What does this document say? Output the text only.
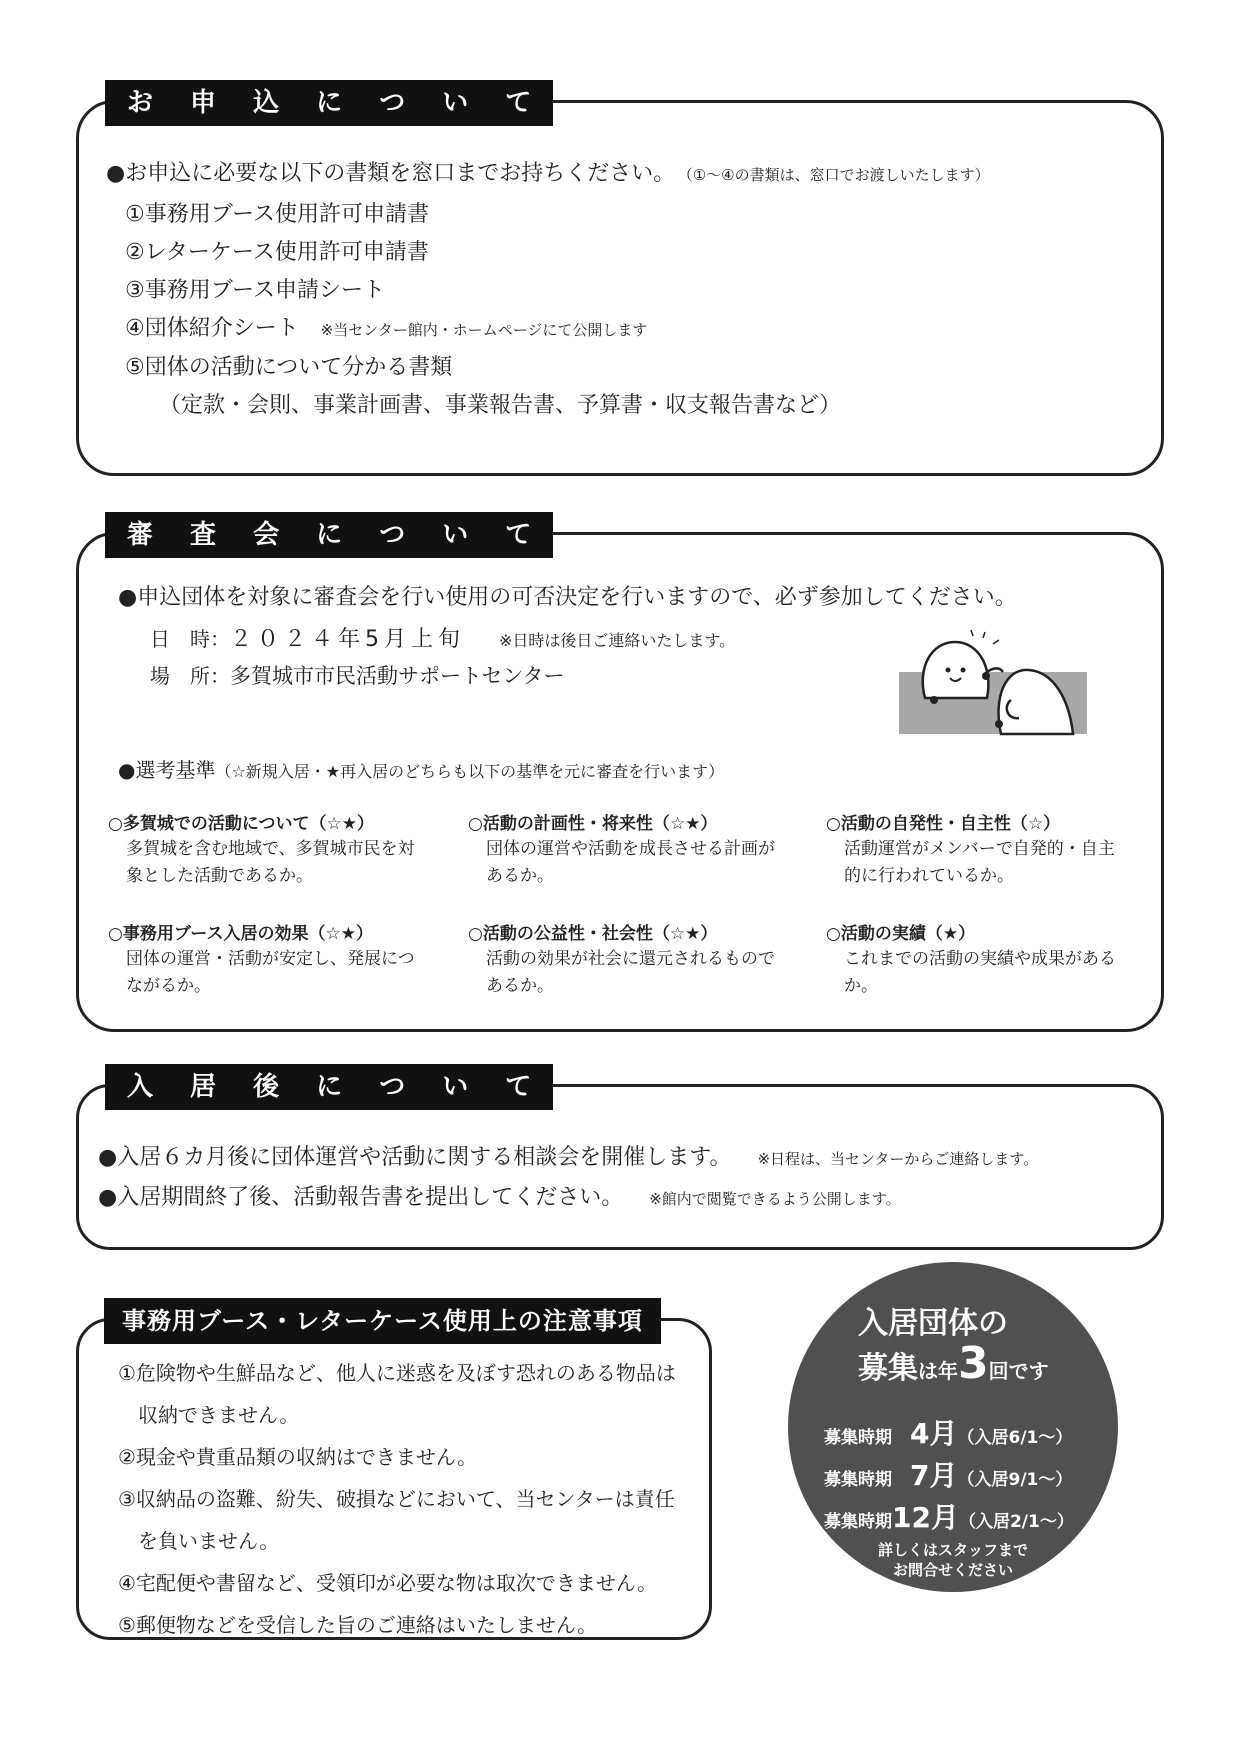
お 申 込 に つ い て
●お申込に必要な以下の書類を窓口までお持ちください。 （①～④の書類は、窓口でお渡しいたします）
①事務用ブース使用許可申請書
②レターケース使用許可申請書
③事務用ブース申請シート
④団体紹介シート ※当センター館内・ホームページにて公開します
⑤団体の活動について分かる書類
（定款・会則、事業計画書、事業報告書、予算書・収支報告書など）
審 査 会 に つ い て
●申込団体を対象に審査会を行い使用の可否決定を行いますので、必ず参加してください。
日　時：２０２４年5月上旬 ※日時は後日ご連絡いたします。
場　所：多賀城市市民活動サポートセンター
●選考基準（☆新規入居・★再入居のどちらも以下の基準を元に審査を行います）
○多賀城での活動について（☆★）
多賀城を含む地域で、多賀城市民を対象とした活動であるか。
○活動の計画性・将来性（☆★）
団体の運営や活動を成長させる計画があるか。
○活動の自発性・自主性（☆）
活動運営がメンバーで自発的・自主的に行われているか。
○事務用ブース入居の効果（☆★）
団体の運営・活動が安定し、発展につながるか。
○活動の公益性・社会性（☆★）
活動の効果が社会に還元されるものであるか。
○活動の実績（★）
これまでの活動の実績や成果があるか。
入 居 後 に つ い て
●入居６カ月後に団体運営や活動に関する相談会を開催します。 ※日程は、当センターからご連絡します。
●入居期間終了後、活動報告書を提出してください。 ※館内で閲覧できるよう公開します。
事務用ブース・レターケース使用上の注意事項
①危険物や生鮮品など、他人に迷惑を及ぼす恐れのある物品は
　収納できません。
②現金や貴重品類の収納はできません。
③収納品の盗難、紛失、破損などにおいて、当センターは責任
　を負いません。
④宅配便や書留など、受領印が必要な物は取次できません。
⑤郵便物などを受信した旨のご連絡はいたしません。
入居団体の
募集は年3回です
募集時期 4月（入居6/1～）
募集時期 7月（入居9/1～）
募集時期12月（入居2/1～）
詳しくはスタッフまで
お問合せください
